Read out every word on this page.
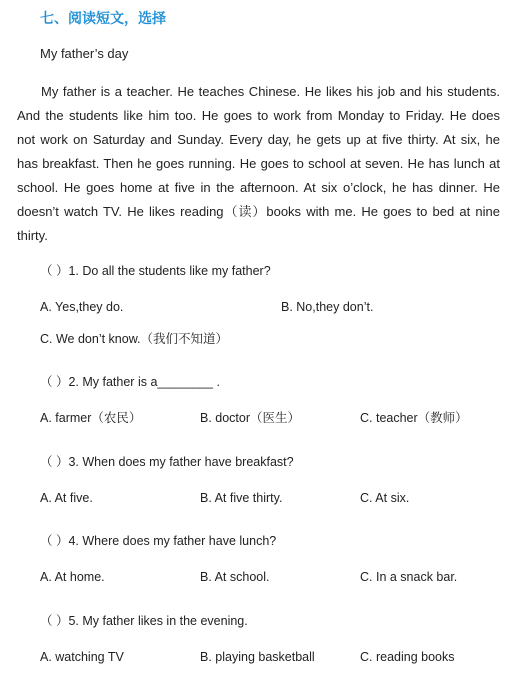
七、阅读短文，选择
My father’s day

My father is a teacher. He teaches Chinese. He likes his job and his students. And the students like him too. He goes to work from Monday to Friday. He does not work on Saturday and Sunday. Every day, he gets up at five thirty. At six, he has breakfast. Then he goes running. He goes to school at seven. He has lunch at school. He goes home at five in the afternoon. At six o’clock, he has dinner. He doesn’t watch TV. He likes reading（读）books with me. He goes to bed at nine thirty.

（ ）1. Do all the students like my father?
A. Yes,they do.	B. No,they don’t.
C. We don’t know.（我们不知道）
（ ）2. My father is a________ .
A. farmer（农民）	B. doctor（医生）	C. teacher（教师）
（ ）3. When does my father have breakfast?
A. At five.	B. At five thirty.	C. At six.
（ ）4. Where does my father have lunch?
A. At home.	B. At school.	C. In a snack bar.
（ ）5. My father likes in the evening.
A. watching TV	B. playing basketball	C. reading books
